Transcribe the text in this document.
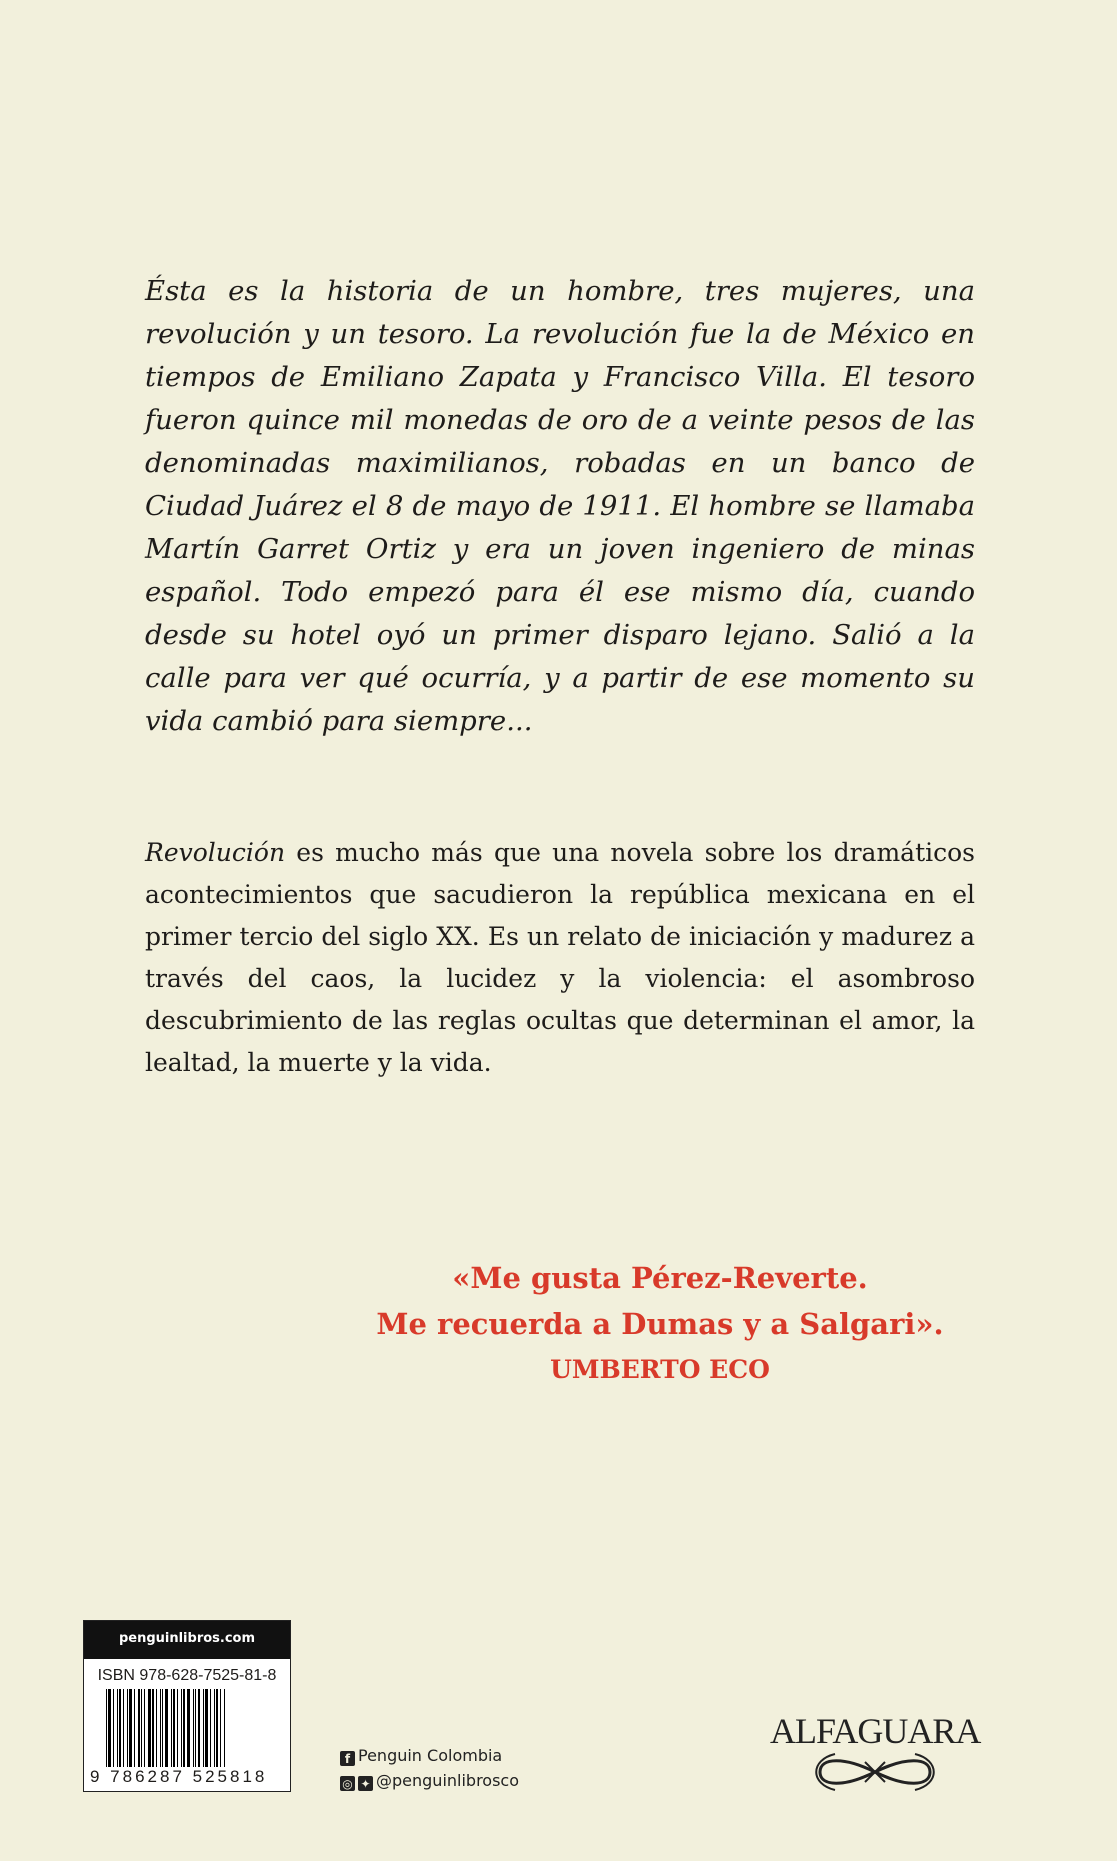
Ésta es la historia de un hombre, tres mujeres, una revolución y un tesoro. La revolución fue la de México en tiempos de Emiliano Zapata y Francisco Villa. El tesoro fueron quince mil monedas de oro de a veinte pesos de las denominadas maximilianos, robadas en un banco de Ciudad Juárez el 8 de mayo de 1911. El hombre se llamaba Martín Garret Ortiz y era un joven ingeniero de minas español. Todo empezó para él ese mismo día, cuando desde su hotel oyó un primer disparo lejano. Salió a la calle para ver qué ocurría, y a partir de ese momento su vida cambió para siempre...
Revolución es mucho más que una novela sobre los dramáticos acontecimientos que sacudieron la república mexicana en el primer tercio del siglo XX. Es un relato de iniciación y madurez a través del caos, la lucidez y la violencia: el asombroso descubrimiento de las reglas ocultas que determinan el amor, la lealtad, la muerte y la vida.
«Me gusta Pérez-Reverte.
Me recuerda a Dumas y a Salgari».
UMBERTO ECO
penguinlibros.com
ISBN 978-628-7525-81-8
9 786287 525818
f Penguin Colombia
◎ ✦ @penguinlibrosco
ALFAGUARA
